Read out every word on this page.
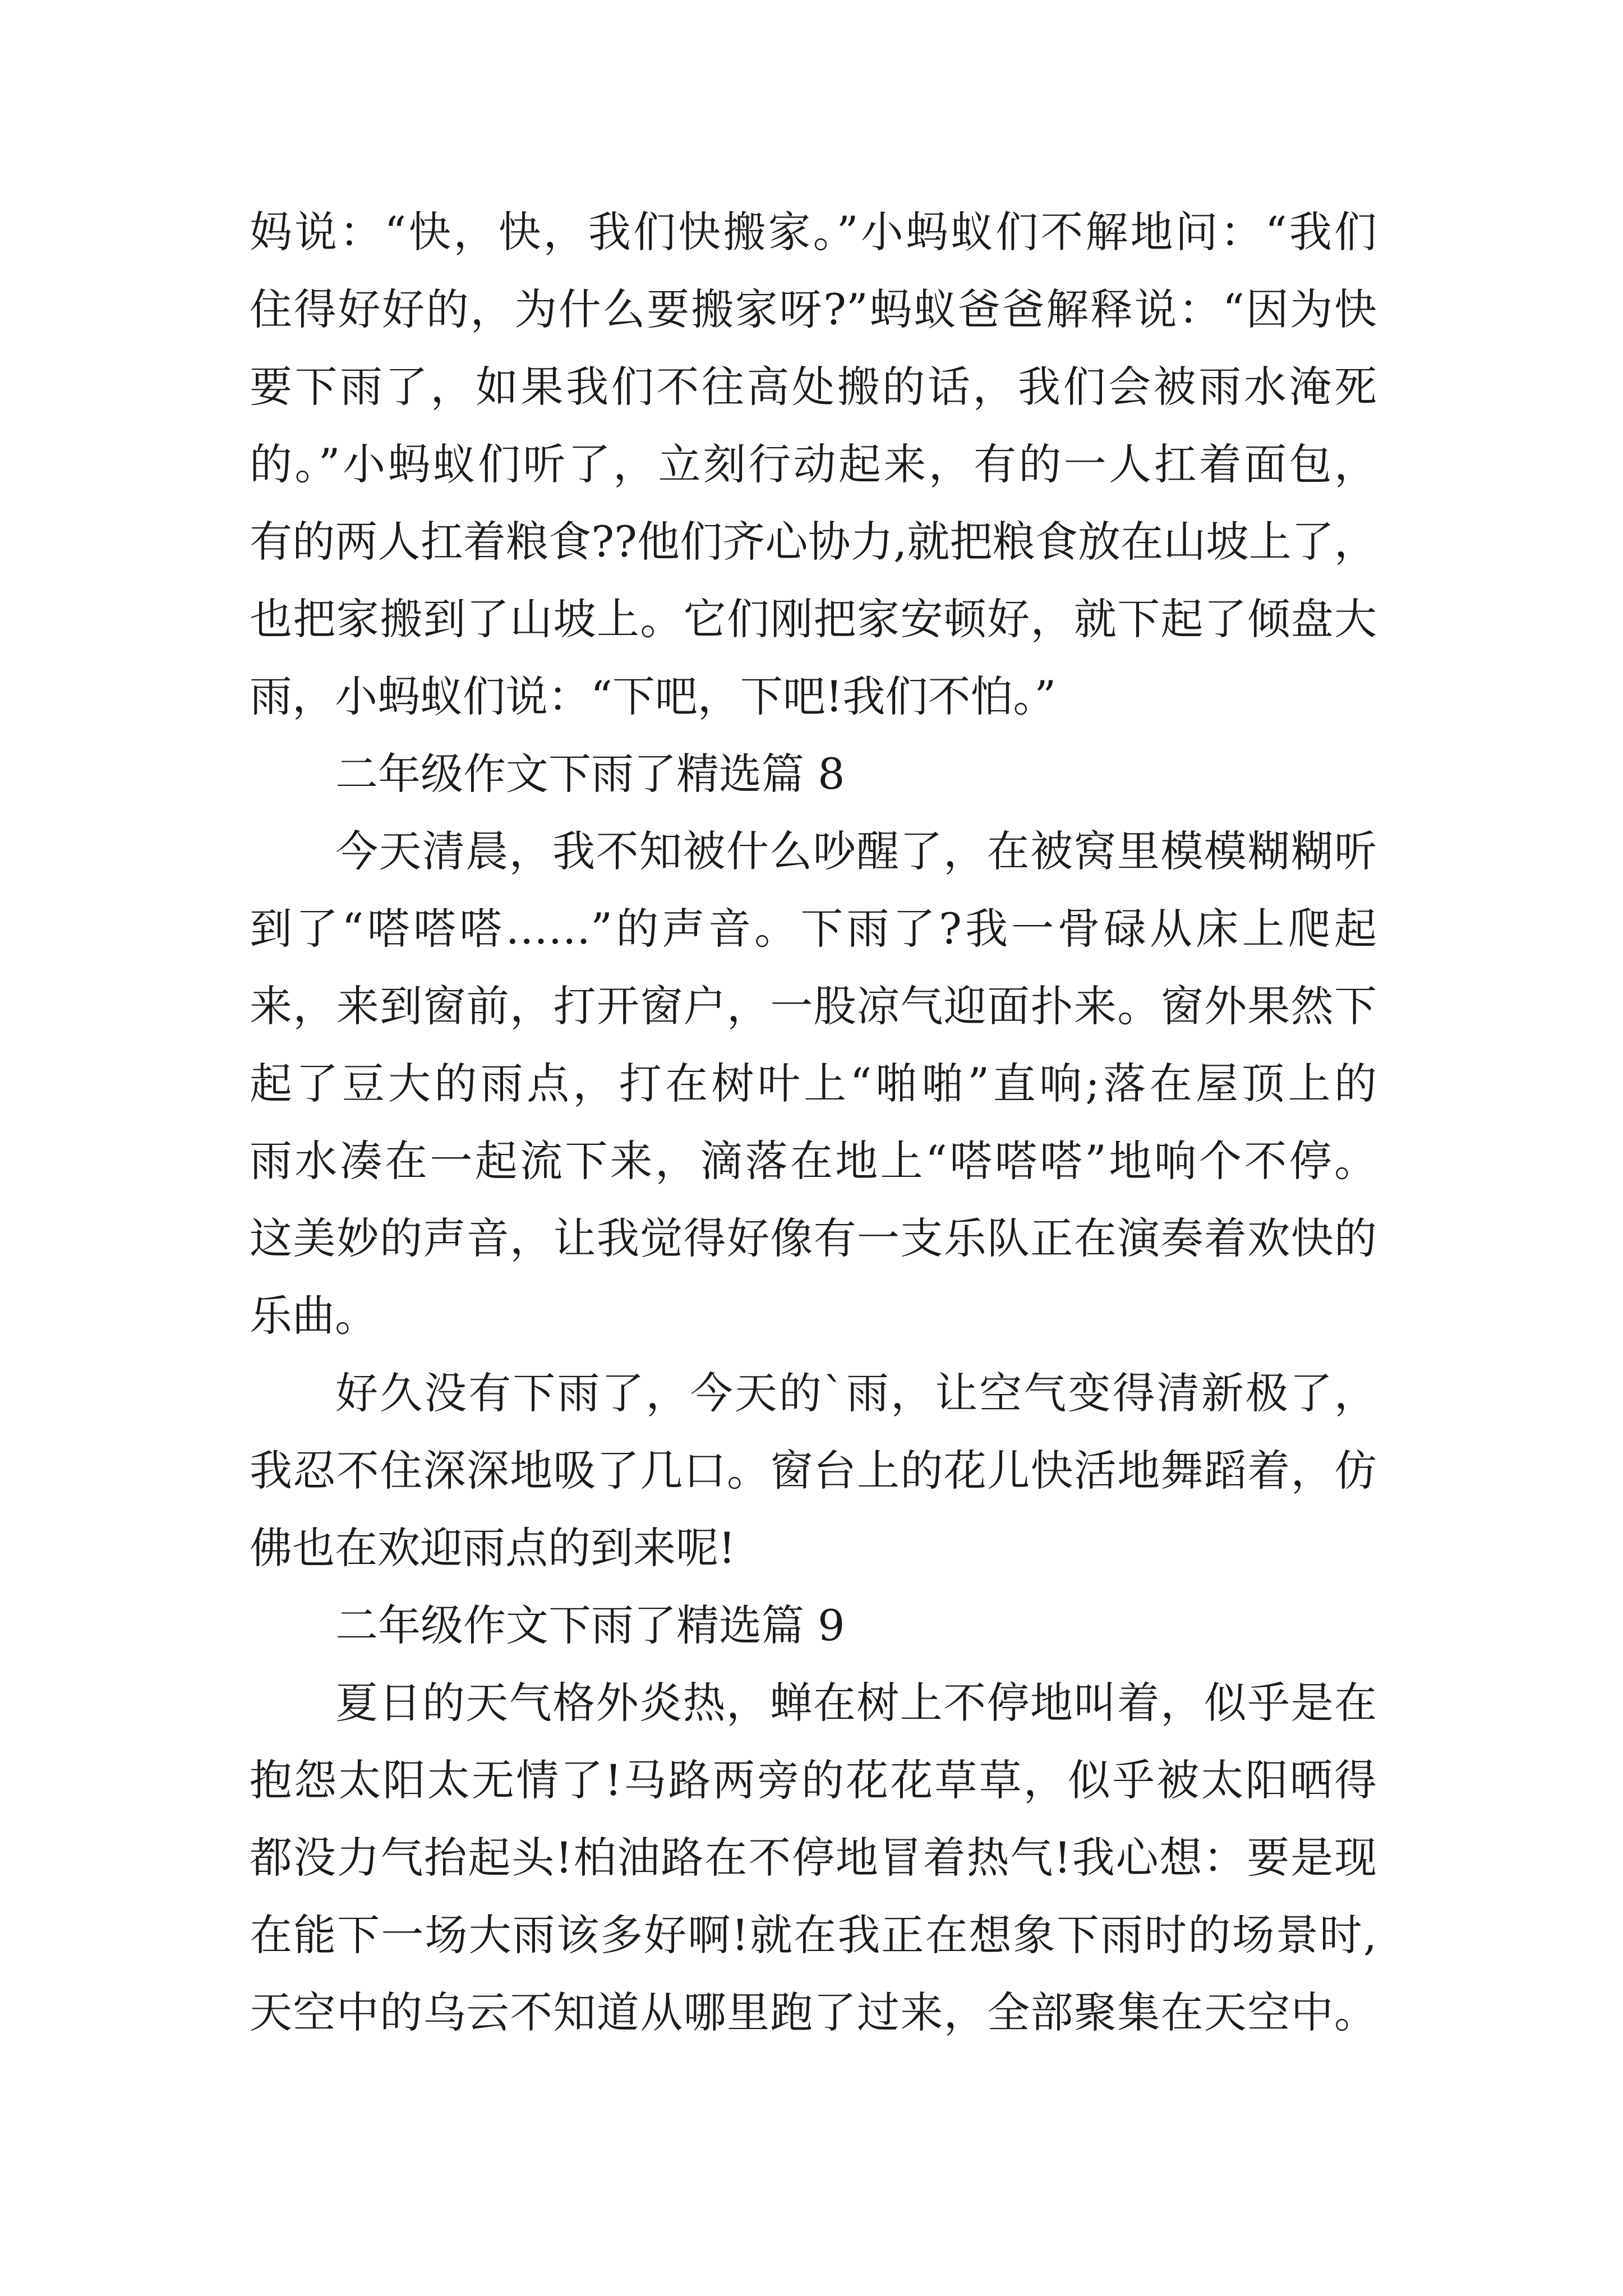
妈说：“快，快，我们快搬家。”小蚂蚁们不解地问：“我们
住得好好的，为什么要搬家呀?”蚂蚁爸爸解释说：“因为快
要下雨了，如果我们不往高处搬的话，我们会被雨水淹死
的。”小蚂蚁们听了，立刻行动起来，有的一人扛着面包，
有的两人扛着粮食??他们齐心协力,就把粮食放在山坡上了，
也把家搬到了山坡上。它们刚把家安顿好，就下起了倾盘大
雨，小蚂蚁们说：“下吧，下吧!我们不怕。”
二年级作文下雨了精选篇 8
今天清晨，我不知被什么吵醒了，在被窝里模模糊糊听
到了“嗒嗒嗒……”的声音。下雨了?我一骨碌从床上爬起
来，来到窗前，打开窗户，一股凉气迎面扑来。窗外果然下
起了豆大的雨点，打在树叶上“啪啪”直响;落在屋顶上的
雨水凑在一起流下来，滴落在地上“嗒嗒嗒”地响个不停。
这美妙的声音，让我觉得好像有一支乐队正在演奏着欢快的
乐曲。
好久没有下雨了，今天的`雨，让空气变得清新极了，
我忍不住深深地吸了几口。窗台上的花儿快活地舞蹈着，仿
佛也在欢迎雨点的到来呢!
二年级作文下雨了精选篇 9
夏日的天气格外炎热，蝉在树上不停地叫着，似乎是在
抱怨太阳太无情了!马路两旁的花花草草，似乎被太阳晒得
都没力气抬起头!柏油路在不停地冒着热气!我心想：要是现
在能下一场大雨该多好啊!就在我正在想象下雨时的场景时,
天空中的乌云不知道从哪里跑了过来，全部聚集在天空中。
